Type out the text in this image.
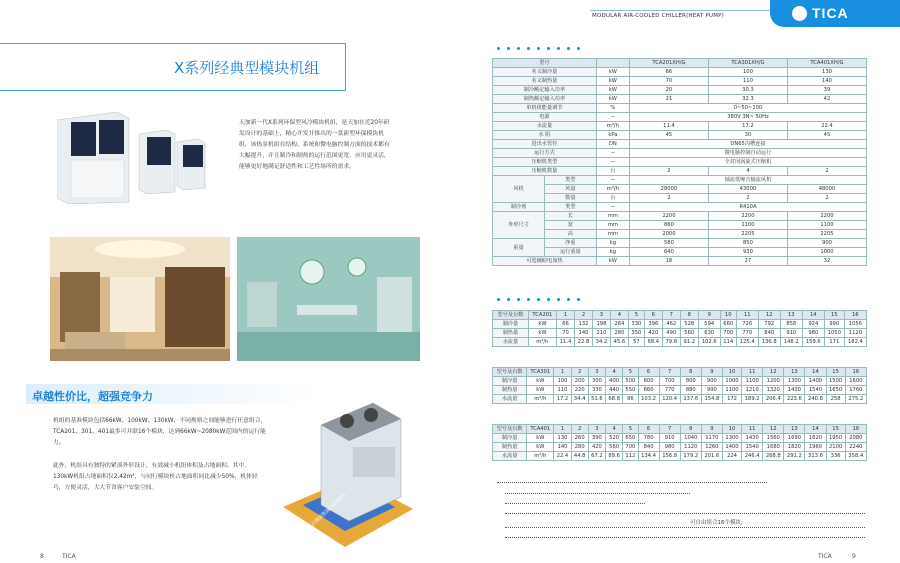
MODULAR AIR-COOLED CHILLER(HEAT PUMP)	TICA
X系列经典型模块机组
天加新一代X系列环保型风冷模块机组，是天加在近20年研发设计的基础上，精心开发并推出的一款新型环保模块机组，该热泵机组在结构、系统和微电脑控制方面的技术都有大幅提升，并且制冷和制热的运行范围更宽，应用更灵活，能够更好地满足舒适性和工艺性场所的需求。
卓越性价比，超强竞争力
机组的基准模块包括66kW、100kW、130kW，不同规格之间能够进行任意组合，TCA201、301、401最多可并联16个模块，达到66kW~2080kW范围内的运行能力。
此外，机组具有独特的紧凑外形设计，有效减小机组体积及占地面积。其中，130kW机组占地面积仅2.42m²，与同行模块机占地面积同比减少50%，机体轻巧，方便灵活，大大节省客户安装空间。
其占地面积减少约50%
8	TICA
型号			TCA201XH/G	TCA301XH/G	TCA401XH/G
名义制冷量		kW	66	100	130
名义制热量		kW	70	110	140
制冷额定输入功率		kW	20	30.3	39
制热额定输入功率		kW	21	32.3	42
单机组能量调节		%	0~50~100		
电源		−	380V 3N~ 50Hz		
水流量		m³/h	11.4	17.2	22.4
水 阻		kPa	45	30	45
进出水管径		DN	DN65沟槽连接		
运行方式		−	微电脑控制自动运行		
压缩机类型		−	全封闭涡旋式压缩机		
压缩机数量		台	2	4	2
风机	类型	−	轴流低噪音输流风机		
	风量	m³/h	28000	43000	48000
	数量	台	2	2	2
制冷剂	类型	−	R410A		
外形尺寸	长	mm	2200	2200	2200
	宽	mm	860	1100	1100
	高	mm	2000	2205	2205
重量	净重	kg	580	850	900
	运行重量	kg	640	930	1000
可选辅助电加热		kW	18	27	32
型号及台数	TCA201	1	2	3	4	5	6	7	8	9	10	11	12	13	14	15	16
制冷量	kW	66	132	198	264	330	396	462	528	594	660	726	792	858	924	990	1056
制热量	kW	70	140	210	280	350	420	490	560	630	700	770	840	910	980	1050	1120
水流量	m³/h	11.4	22.8	34.2	45.6	57	68.4	79.8	91.2	102.6	114	125.4	136.8	148.2	159.6	171	182.4
型号及台数	TCA301	1	2	3	4	5	6	7	8	9	10	11	12	13	14	15	16
制冷量	kW	100	200	300	400	500	600	700	800	900	1000	1100	1200	1300	1400	1500	1600
制热量	kW	110	220	330	440	550	660	770	880	990	1100	1210	1320	1430	1540	1650	1760
水流量	m³/h	17.2	34.4	51.6	68.8	86	103.2	120.4	137.6	154.8	172	189.2	206.4	223.6	240.8	258	275.2
型号及台数	TCA401	1	2	3	4	5	6	7	8	9	10	11	12	13	14	15	16
制冷量	kW	130	260	390	520	650	780	910	1040	1170	1300	1430	1560	1690	1820	1950	2080
制热量	kW	140	280	420	560	700	840	980	1120	1260	1400	1540	1680	1820	1960	2100	2240
水流量	m³/h	22.4	44.8	67.2	89.6	112	134.4	156.8	179.2	201.6	224	246.4	268.8	291.2	313.6	336	358.4
可自由组合16个模块;
TICA	9
